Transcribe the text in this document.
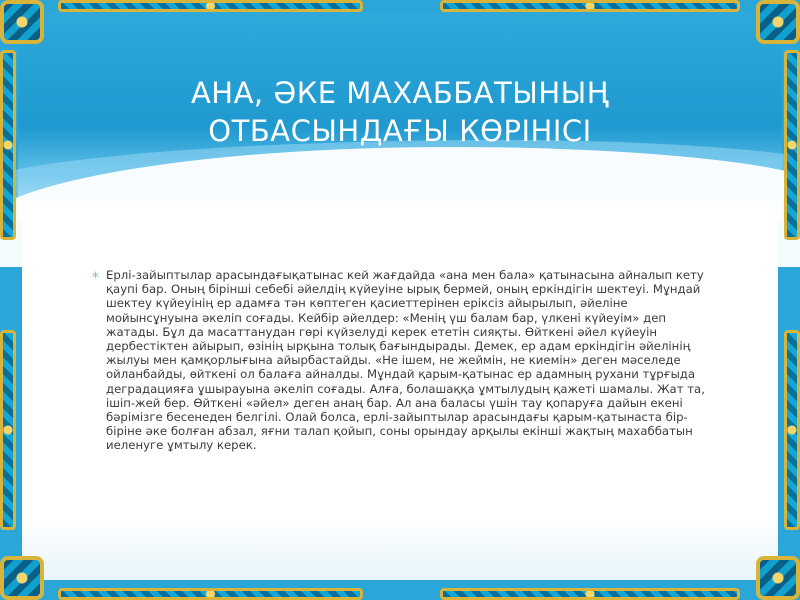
АНА, ӘКЕ МАХАББАТЫНЫҢ
ОТБАСЫНДАҒЫ КӨРІНІСІ
* Ерлі-зайыптылар арасындағықатынас кей жағдайда «ана мен бала» қатынасына айналып кету қаупі бар. Оның бірінші себебі әйелдің күйеуіне ырық бермей, оның еркіндігін шектеуі. Мұндай шектеу күйеуінің ер адамға тән көптеген қасиеттерінен еріксіз айырылып, әйеліне мойынсұнуына әкеліп соғады. Кейбір әйелдер: «Менің үш балам бар, үлкені күйеуім» деп жатады. Бұл да масаттанудан гөрі күйзелуді керек ететін сияқты. Өйткені әйел күйеуін дербестіктен айырып, өзінің ырқына толық бағындырады. Демек, ер адам еркіндігін әйелінің жылуы мен қамқорлығына айырбастайды. «Не ішем, не жеймін, не киемін» деген мәселеде ойланбайды, өйткені ол балаға айналды. Мұндай қарым-қатынас ер адамның рухани тұрғыда деградацияға ұшырауына әкеліп соғады. Алға, болашаққа ұмтылудың қажеті шамалы. Жат та, ішіп-жей бер. Өйткені «әйел» деген анаң бар. Ал ана баласы үшін тау қопаруға дайын екені бәрімізге бесенеден белгілі. Олай болса, ерлі-зайыптылар арасындағы қарым-қатынаста бір-біріне әке болған абзал, яғни талап қойып, соны орындау арқылы екінші жақтың махаббатын иеленуге ұмтылу керек.
